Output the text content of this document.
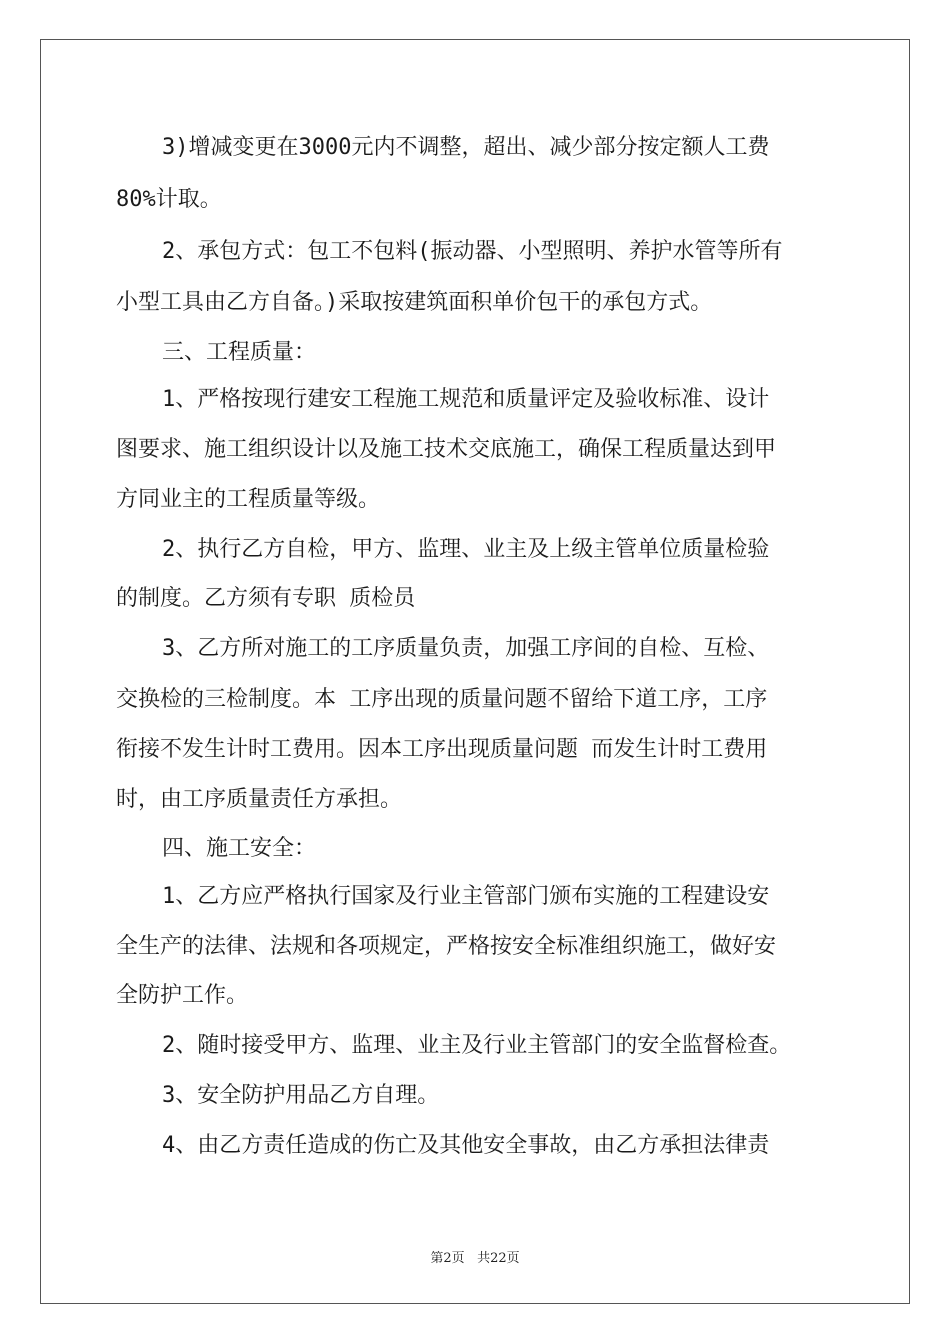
3)增减变更在3000元内不调整，超出、减少部分按定额人工费

80%计取。

2、承包方式：包工不包料(振动器、小型照明、养护水管等所有

小型工具由乙方自备。)采取按建筑面积单价包干的承包方式。

三、工程质量：

1、严格按现行建安工程施工规范和质量评定及验收标准、设计

图要求、施工组织设计以及施工技术交底施工，确保工程质量达到甲

方同业主的工程质量等级。

2、执行乙方自检，甲方、监理、业主及上级主管单位质量检验

的制度。乙方须有专职 质检员

3、乙方所对施工的工序质量负责，加强工序间的自检、互检、

交换检的三检制度。本 工序出现的质量问题不留给下道工序，工序

衔接不发生计时工费用。因本工序出现质量问题 而发生计时工费用

时，由工序质量责任方承担。

四、施工安全：

1、乙方应严格执行国家及行业主管部门颁布实施的工程建设安

全生产的法律、法规和各项规定，严格按安全标准组织施工，做好安

全防护工作。

2、随时接受甲方、监理、业主及行业主管部门的安全监督检查。

3、安全防护用品乙方自理。

4、由乙方责任造成的伤亡及其他安全事故，由乙方承担法律责

第2页 共22页
